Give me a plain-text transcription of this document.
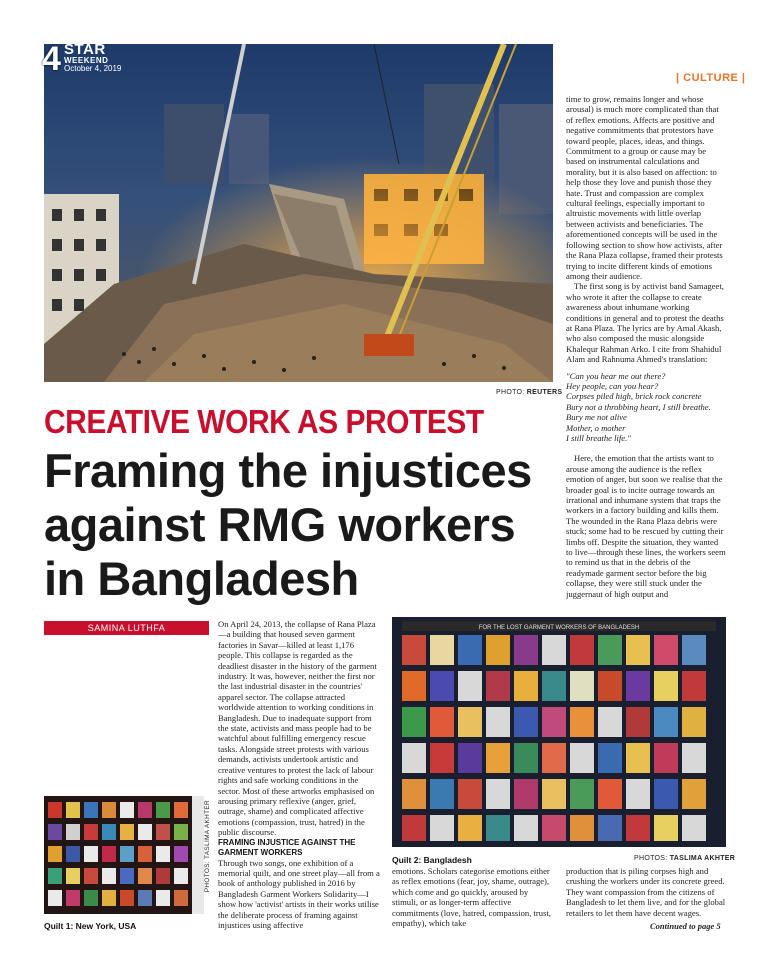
4 STAR
WEEKEND
October 4, 2019
| CULTURE |
PHOTO: REUTERS
CREATIVE WORK AS PROTEST
Framing the injustices against RMG workers in Bangladesh
SAMINA LUTHFA

time to grow, remains longer and whose arousal) is much more complicated than that of reflex emotions. Affects are positive and negative commitments that protestors have toward people, places, ideas, and things. Commitment to a group or cause may be based on instrumental calculations and morality, but it is also based on affection: to help those they love and punish those they hate. Trust and compassion are complex cultural feelings, especially important to altruistic movements with little overlap between activists and beneficiaries. The aforementioned concepts will be used in the following section to show how activists, after the Rana Plaza collapse, framed their protests trying to incite different kinds of emotions among their audience.

The first song is by activist band Samageet, who wrote it after the collapse to create awareness about inhumane working conditions in general and to protest the deaths at Rana Plaza. The lyrics are by Amal Akash, who also composed the music alongside Khalequr Rahman Arko. I cite from Shahidul Alam and Rahnuma Ahmed's translation:

"Can you hear me out there?
Hey people, can you hear?
Corpses piled high, brick rock concrete
Bury not a throbbing heart, I still breathe.
Bury me not alive
Mother, o mother
I still breathe life."

Here, the emotion that the artists want to arouse among the audience is the reflex emotion of anger, but soon we realise that the broader goal is to incite outrage towards an irrational and inhumane system that traps the workers in a factory building and kills them. The wounded in the Rana Plaza debris were stuck; some had to be rescued by cutting their limbs off. Despite the situation, they wanted to live—through these lines, the workers seem to remind us that in the debris of the readymade garment sector before the big collapse, they were still stuck under the juggernaut of high output and

On April 24, 2013, the collapse of Rana Plaza—a building that housed seven garment factories in Savar—killed at least 1,176 people. This collapse is regarded as the deadliest disaster in the history of the garment industry. It was, however, neither the first nor the last industrial disaster in the countries' apparel sector. The collapse attracted worldwide attention to working conditions in Bangladesh. Due to inadequate support from the state, activists and mass people had to be watchful about fulfilling emergency rescue tasks. Alongside street protests with various demands, activists undertook artistic and creative ventures to protest the lack of labour rights and safe working conditions in the sector. Most of these artworks emphasised on arousing primary reflexive (anger, grief, outrage, shame) and complicated affective emotions (compassion, trust, hatred) in the public discourse.

FRAMING INJUSTICE AGAINST THE GARMENT WORKERS

Through two songs, one exhibition of a memorial quilt, and one street play—all from a book of anthology published in 2016 by Bangladesh Garment Workers Solidarity—I show how 'activist' artists in their works utilise the deliberate process of framing against injustices using affective

PHOTOS: TASLIMA AKHTER
Quilt 1: New York, USA
FOR THE LOST GARMENT WORKERS OF BANGLADESH
Quilt 2: Bangladesh	PHOTOS: TASLIMA AKHTER

emotions. Scholars categorise emotions either as reflex emotions (fear, joy, shame, outrage), which come and go quickly, aroused by stimuli, or as longer-term affective commitments (love, hatred, compassion, trust, empathy), which take

production that is piling corpses high and crushing the workers under its concrete greed. They want compassion from the citizens of Bangladesh to let them live, and for the global retailers to let them have decent wages.

Continued to page 5
